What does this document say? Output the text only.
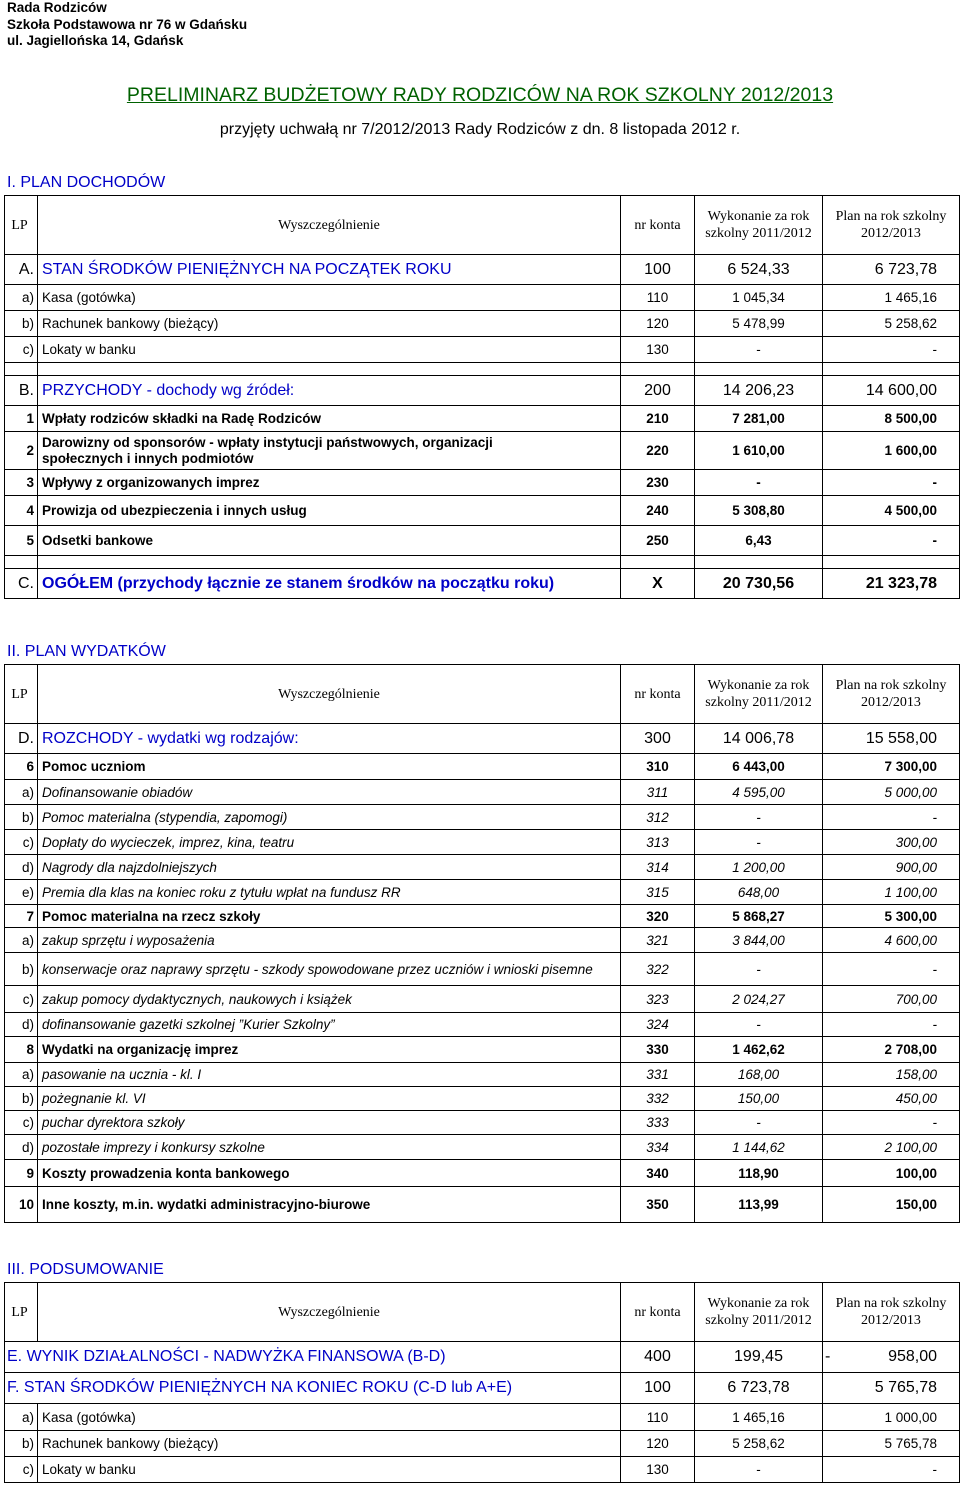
Rada Rodziców
Szkoła Podstawowa nr 76 w Gdańsku
ul. Jagiellońska 14, Gdańsk
PRELIMINARZ BUDŻETOWY RADY RODZICÓW NA ROK SZKOLNY 2012/2013
przyjęty uchwałą nr 7/2012/2013 Rady Rodziców z dn. 8 listopada 2012 r.
I. PLAN DOCHODÓW
LP	Wyszczególnienie	nr konta	Wykonanie za rok
szkolny 2011/2012	Plan na rok szkolny
2012/2013
A.	STAN ŚRODKÓW PIENIĘŻNYCH NA POCZĄTEK ROKU	100	6 524,33	6 723,78
a)	Kasa (gotówka)	110	1 045,34	1 465,16
b)	Rachunek bankowy (bieżący)	120	5 478,99	5 258,62
c)	Lokaty w banku	130	-	-

B.	PRZYCHODY - dochody wg źródeł:	200	14 206,23	14 600,00
1	Wpłaty rodziców składki na Radę Rodziców	210	7 281,00	8 500,00
2	Darowizny od sponsorów - wpłaty instytucji państwowych, organizacji społecznych i innych podmiotów	220	1 610,00	1 600,00
3	Wpływy z organizowanych imprez	230	-	-
4	Prowizja od ubezpieczenia i innych usług	240	5 308,80	4 500,00
5	Odsetki bankowe	250	6,43	-

C.	OGÓŁEM (przychody łącznie ze stanem środków na początku roku)	X	20 730,56	21 323,78
II. PLAN WYDATKÓW
LP	Wyszczególnienie	nr konta	Wykonanie za rok
szkolny 2011/2012	Plan na rok szkolny
2012/2013
D.	ROZCHODY - wydatki wg rodzajów:	300	14 006,78	15 558,00
6	Pomoc uczniom	310	6 443,00	7 300,00
a)	Dofinansowanie obiadów	311	4 595,00	5 000,00
b)	Pomoc materialna (stypendia, zapomogi)	312	-	-
c)	Dopłaty do wycieczek, imprez, kina, teatru	313	-	300,00
d)	Nagrody dla najzdolniejszych	314	1 200,00	900,00
e)	Premia dla klas na koniec roku z tytułu wpłat na fundusz RR	315	648,00	1 100,00
7	Pomoc materialna na rzecz szkoły	320	5 868,27	5 300,00
a)	zakup sprzętu i wyposażenia	321	3 844,00	4 600,00
b)	konserwacje oraz naprawy sprzętu - szkody spowodowane przez uczniów i wnioski pisemne	322	-	-
c)	zakup pomocy dydaktycznych, naukowych i książek	323	2 024,27	700,00
d)	dofinansowanie gazetki szkolnej ”Kurier Szkolny”	324	-	-
8	Wydatki na organizację imprez	330	1 462,62	2 708,00
a)	pasowanie na ucznia - kl. I	331	168,00	158,00
b)	pożegnanie kl. VI	332	150,00	450,00
c)	puchar dyrektora szkoły	333	-	-
d)	pozostałe imprezy i konkursy szkolne	334	1 144,62	2 100,00
9	Koszty prowadzenia konta bankowego	340	118,90	100,00
10	Inne koszty, m.in. wydatki administracyjno-biurowe	350	113,99	150,00
III. PODSUMOWANIE
LP	Wyszczególnienie	nr konta	Wykonanie za rok
szkolny 2011/2012	Plan na rok szkolny
2012/2013
E. WYNIK DZIAŁALNOŚCI - NADWYŻKA FINANSOWA (B-D)		400	199,45	- 958,00
F. STAN ŚRODKÓW PIENIĘŻNYCH NA KONIEC ROKU (C-D lub A+E)		100	6 723,78	5 765,78
a)	Kasa (gotówka)	110	1 465,16	1 000,00
b)	Rachunek bankowy (bieżący)	120	5 258,62	5 765,78
c)	Lokaty w banku	130	-	-
